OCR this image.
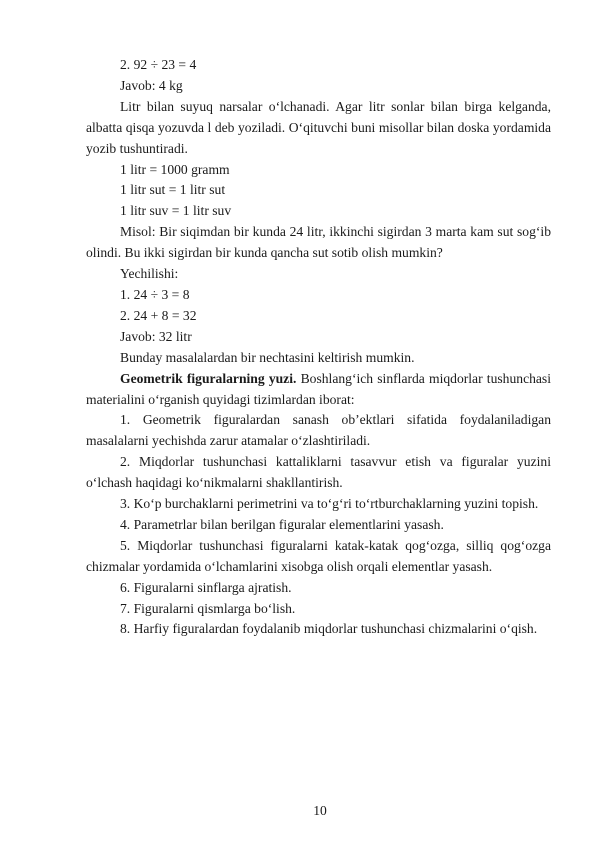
2. 92 ÷ 23 = 4

Javob: 4 kg

Litr bilan suyuq narsalar o‘lchanadi. Agar litr sonlar bilan birga kelganda, albatta qisqa yozuvda l deb yoziladi. O‘qituvchi buni misollar bilan doska yordamida yozib tushuntiradi.

1 litr = 1000 gramm

1 litr sut = 1 litr sut

1 litr suv = 1 litr suv

Misol: Bir siqimdan bir kunda 24 litr, ikkinchi sigirdan 3 marta kam sut sog‘ib olindi. Bu ikki sigirdan bir kunda qancha sut sotib olish mumkin?

Yechilishi:

1. 24 ÷ 3 = 8

2. 24 + 8 = 32

Javob: 32 litr

Bunday masalalardan bir nechtasini keltirish mumkin.

Geometrik figuralarning yuzi. Boshlang‘ich sinflarda miqdorlar tushunchasi materialini o‘rganish quyidagi tizimlardan iborat:

1. Geometrik figuralardan sanash ob’ektlari sifatida foydalaniladigan masalalarni yechishda zarur atamalar o‘zlashtiriladi.

2. Miqdorlar tushunchasi kattaliklarni tasavvur etish va figuralar yuzini o‘lchash haqidagi ko‘nikmalarni shakllantirish.

3. Ko‘p burchaklarni perimetrini va to‘g‘ri to‘rtburchaklarning yuzini topish.

4. Parametrlar bilan berilgan figuralar elementlarini yasash.

5. Miqdorlar tushunchasi figuralarni katak-katak qog‘ozga, silliq qog‘ozga chizmalar yordamida o‘lchamlarini xisobga olish orqali elementlar yasash.

6. Figuralarni sinflarga ajratish.

7. Figuralarni qismlarga bo‘lish.

8. Harfiy figuralardan foydalanib miqdorlar tushunchasi chizmalarini o‘qish.

10
